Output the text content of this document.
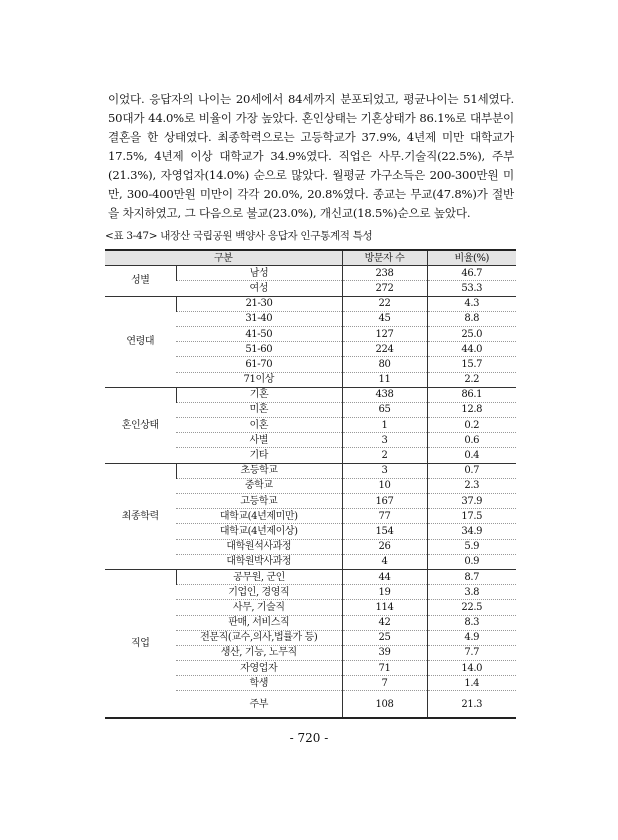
이었다. 응답자의 나이는 20세에서 84세까지 분포되었고, 평균나이는 51세였다. 50대가 44.0%로 비율이 가장 높았다. 혼인상태는 기혼상태가 86.1%로 대부분이 결혼을 한 상태였다. 최종학력으로는 고등학교가 37.9%, 4년제 미만 대학교가 17.5%, 4년제 이상 대학교가 34.9%였다. 직업은 사무.기술직(22.5%), 주부(21.3%), 자영업자(14.0%) 순으로 많았다. 월평균 가구소득은 200-300만원 미만, 300-400만원 미만이 각각 20.0%, 20.8%였다. 종교는 무교(47.8%)가 절반을 차지하였고, 그 다음으로 불교(23.0%), 개신교(18.5%)순으로 높았다.
<표 3-47> 내장산 국립공원 백양사 응답자 인구통계적 특성
구분		방문자 수	비율(%)
성별	남성	238	46.7
	여성	272	53.3
연령대	21-30	22	4.3
	31-40	45	8.8
	41-50	127	25.0
	51-60	224	44.0
	61-70	80	15.7
	71이상	11	2.2
혼인상태	기혼	438	86.1
	미혼	65	12.8
	이혼	1	0.2
	사별	3	0.6
	기타	2	0.4
최종학력	초등학교	3	0.7
	중학교	10	2.3
	고등학교	167	37.9
	대학교(4년제미만)	77	17.5
	대학교(4년제이상)	154	34.9
	대학원석사과정	26	5.9
	대학원박사과정	4	0.9
직업	공무원, 군인	44	8.7
	기업인, 경영직	19	3.8
	사무, 기술직	114	22.5
	판매, 서비스직	42	8.3
	전문직(교수,의사,법률가 등)	25	4.9
	생산, 기능, 노무직	39	7.7
	자영업자	71	14.0
	학생	7	1.4
	주부	108	21.3
- 720 -
